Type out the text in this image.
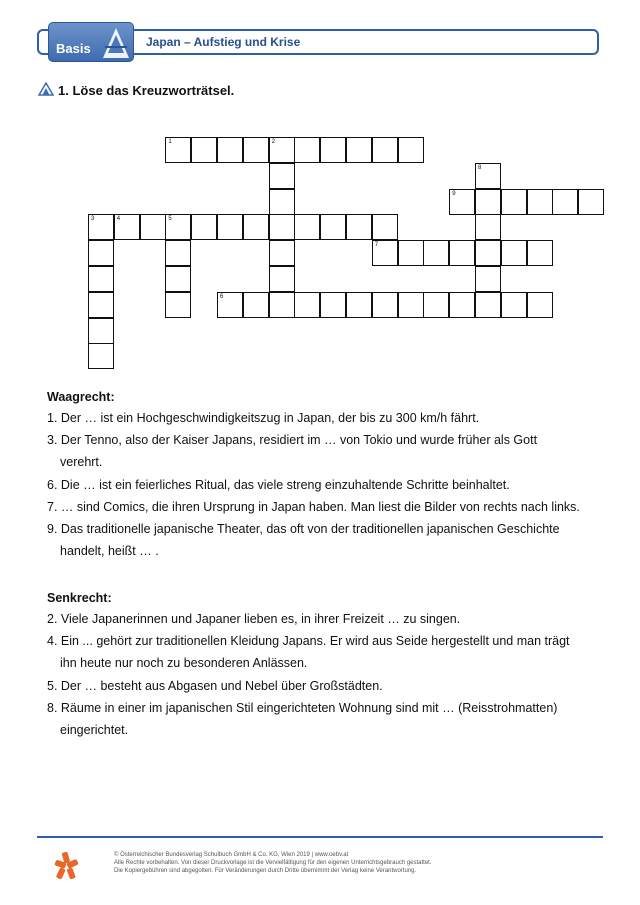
Basis	Japan – Aufstieg und Krise
1. Löse das Kreuzworträtsel.
1	2
9
3	4	5
7
6
8
Waagrecht:
1. Der … ist ein Hochgeschwindigkeitszug in Japan, der bis zu 300 km/h fährt.
3. Der Tenno, also der Kaiser Japans, residiert im … von Tokio und wurde früher als Gott
verehrt.
6. Die … ist ein feierliches Ritual, das viele streng einzuhaltende Schritte beinhaltet.
7. … sind Comics, die ihren Ursprung in Japan haben. Man liest die Bilder von rechts nach links.
9. Das traditionelle japanische Theater, das oft von der traditionellen japanischen Geschichte
handelt, heißt … .
Senkrecht:
2. Viele Japanerinnen und Japaner lieben es, in ihrer Freizeit … zu singen.
4. Ein ... gehört zur traditionellen Kleidung Japans. Er wird aus Seide hergestellt und man trägt
ihn heute nur noch zu besonderen Anlässen.
5. Der … besteht aus Abgasen und Nebel über Großstädten.
8. Räume in einer im japanischen Stil eingerichteten Wohnung sind mit … (Reisstrohmatten)
eingerichtet.
© Österreichischer Bundesverlag Schulbuch GmbH & Co. KG, Wien 2019 | www.oebv.at
Alle Rechte vorbehalten. Von dieser Druckvorlage ist die Vervielfältigung für den eigenen Unterrichtsgebrauch gestattet.
Die Kopiergebühren sind abgegolten. Für Veränderungen durch Dritte übernimmt der Verlag keine Verantwortung.
